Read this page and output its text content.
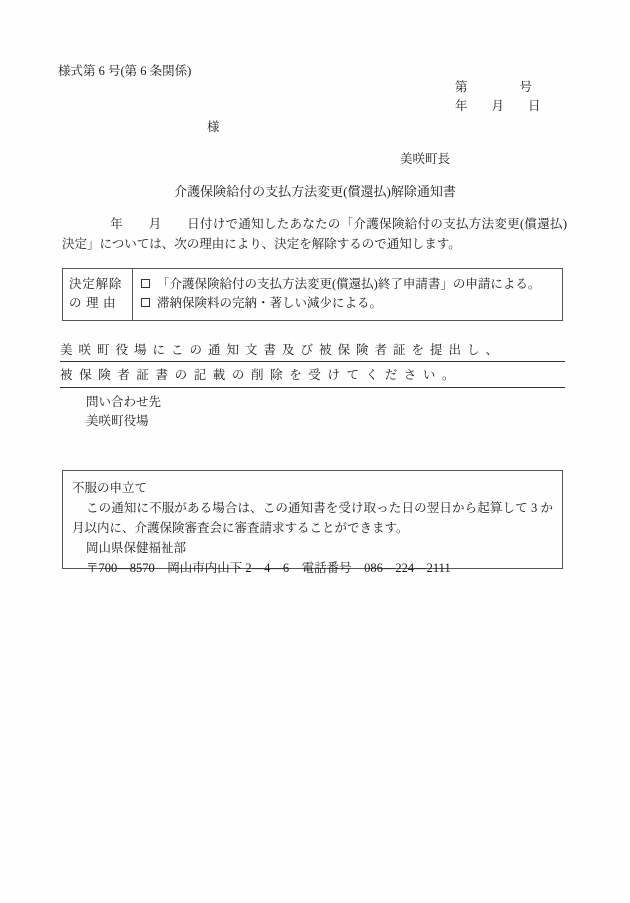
様式第 6 号(第 6 条関係)
第	号
年 月 日
様
美咲町長
介護保険給付の支払方法変更(償還払)解除通知書
年　　月　　日付けで通知したあなたの「介護保険給付の支払方法変更(償還払)決定」については、次の理由により、決定を解除するので通知します。
決定解除
の理由
「介護保険給付の支払方法変更(償還払)終了申請書」の申請による。
滞納保険料の完納・著しい減少による。
美咲町役場にこの通知文書及び被保険者証を提出し、
被保険者証書の記載の削除を受けてください。
問い合わせ先
美咲町役場
不服の申立て
この通知に不服がある場合は、この通知書を受け取った日の翌日から起算して 3 か月以内に、介護保険審査会に審査請求することができます。
岡山県保健福祉部
〒700—8570　岡山市内山下 2—4—6　電話番号　086—224—2111
